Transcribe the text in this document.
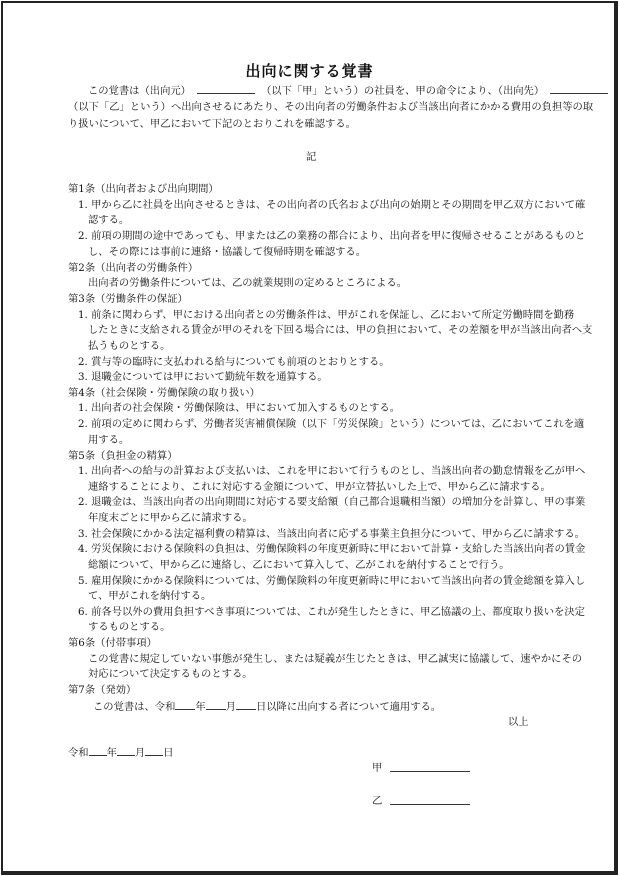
出向に関する覚書
この覚書は（出向元）	（以下「甲」という）の社員を、甲の命令により、（出向先）
（以下「乙」という）へ出向させるにあたり、その出向者の労働条件および当該出向者にかかる費用の負担等の取
り扱いについて、甲乙において下記のとおりこれを確認する。
記
第1条（出向者および出向期間）
1. 甲から乙に社員を出向させるときは、その出向者の氏名および出向の始期とその期間を甲乙双方において確
認する。
2. 前項の期間の途中であっても、甲または乙の業務の都合により、出向者を甲に復帰させることがあるものと
し、その際には事前に連絡・協議して復帰時期を確認する。
第2条（出向者の労働条件）
出向者の労働条件については、乙の就業規則の定めるところによる。
第3条（労働条件の保証）
1. 前条に関わらず、甲における出向者との労働条件は、甲がこれを保証し、乙において所定労働時間を勤務
したときに支給される賃金が甲のそれを下回る場合には、甲の負担において、その差額を甲が当該出向者へ支
払うものとする。
2. 賞与等の臨時に支払われる給与についても前項のとおりとする。
3. 退職金については甲において勤続年数を通算する。
第4条（社会保険・労働保険の取り扱い）
1. 出向者の社会保険・労働保険は、甲において加入するものとする。
2. 前項の定めに関わらず、労働者災害補償保険（以下「労災保険」という）については、乙においてこれを適
用する。
第5条（負担金の精算）
1. 出向者への給与の計算および支払いは、これを甲において行うものとし、当該出向者の勤怠情報を乙が甲へ
連絡することにより、これに対応する金額について、甲が立替払いした上で、甲から乙に請求する。
2. 退職金は、当該出向者の出向期間に対応する要支給額（自己都合退職相当額）の増加分を計算し、甲の事業
年度末ごとに甲から乙に請求する。
3. 社会保険にかかる法定福利費の精算は、当該出向者に応ずる事業主負担分について、甲から乙に請求する。
4. 労災保険における保険料の負担は、労働保険料の年度更新時に甲において計算・支給した当該出向者の賃金
総額について、甲から乙に連絡し、乙において算入して、乙がこれを納付することで行う。
5. 雇用保険にかかる保険料については、労働保険料の年度更新時に甲において当該出向者の賃金総額を算入し
て、甲がこれを納付する。
6. 前各号以外の費用負担すべき事項については、これが発生したときに、甲乙協議の上、都度取り扱いを決定
するものとする。
第6条（付帯事項）
この覚書に規定していない事態が発生し、または疑義が生じたときは、甲乙誠実に協議して、速やかにその
対応について決定するものとする。
第7条（発効）
この覚書は、令和 年 月 日以降に出向する者について適用する。
以上
令和 年 月 日
甲
乙
